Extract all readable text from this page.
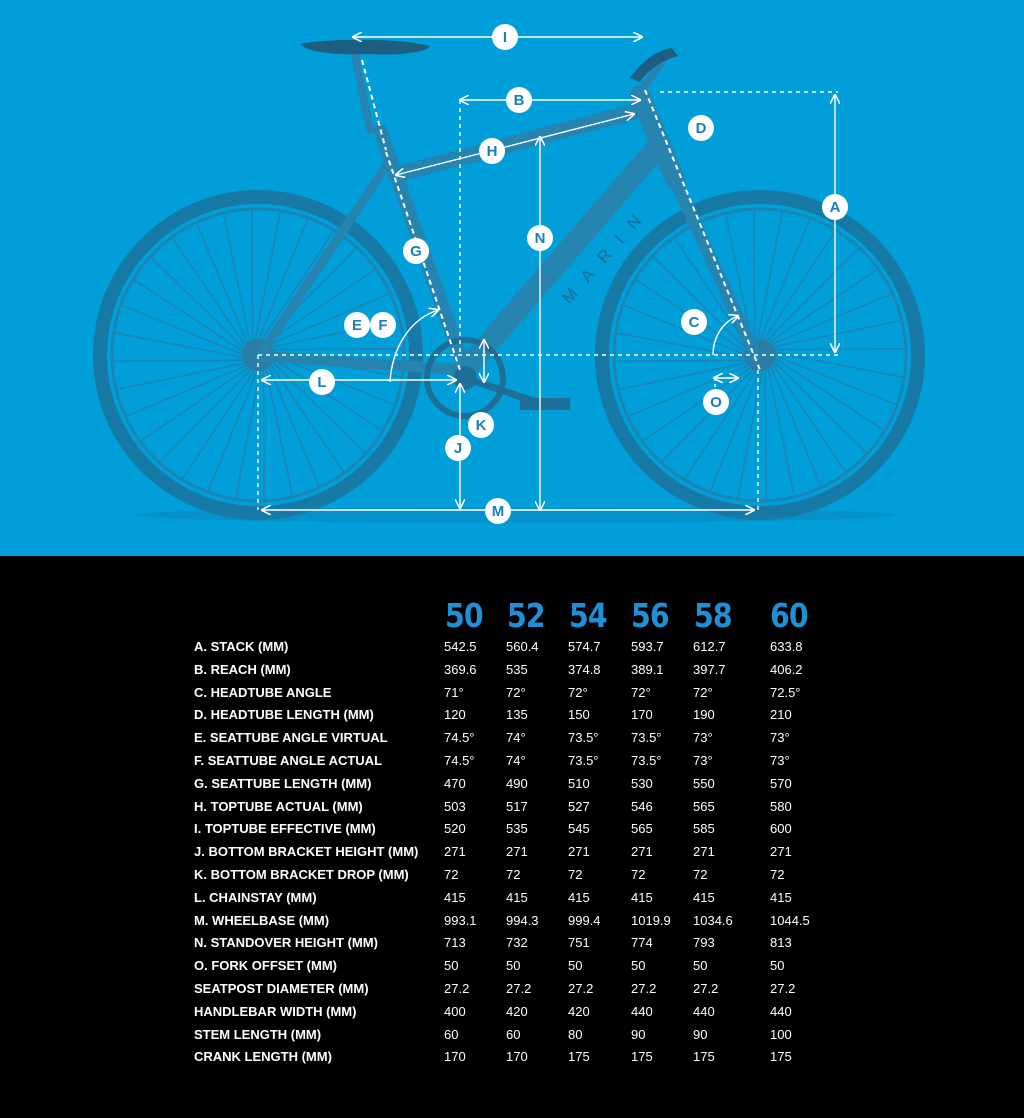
MARIN
I
B
H
D
A
N
G
E F	C
L
K
J
O
M
50 52 54 56 58 60
A. STACK (MM)	542.5 560.4 574.7 593.7 612.7	633.8
B. REACH (MM)	369.6 535	374.8 389.1 397.7	406.2
C. HEADTUBE ANGLE	71°	72°	72°	72°	72°	72.5°
D. HEADTUBE LENGTH (MM)	120	135	150	170	190	210
E. SEATTUBE ANGLE VIRTUAL	74.5° 74°	73.5° 73.5° 73°	73°
F. SEATTUBE ANGLE ACTUAL	74.5° 74°	73.5° 73.5° 73°	73°
G. SEATTUBE LENGTH (MM)	470	490	510	530	550	570
H. TOPTUBE ACTUAL (MM)	503	517	527	546	565	580
I. TOPTUBE EFFECTIVE (MM)	520	535	545	565	585	600
J. BOTTOM BRACKET HEIGHT (MM) 271	271	271	271	271	271
K. BOTTOM BRACKET DROP (MM)	72	72	72	72	72	72
L. CHAINSTAY (MM)	415	415	415	415	415	415
M. WHEELBASE (MM)	993.1 994.3 999.4 1019.9 1034.6	1044.5
N. STANDOVER HEIGHT (MM)	713	732	751	774	793	813
O. FORK OFFSET (MM)	50	50	50	50	50	50
SEATPOST DIAMETER (MM)	27.2	27.2	27.2	27.2	27.2	27.2
HANDLEBAR WIDTH (MM)	400	420	420	440	440	440
STEM LENGTH (MM)	60	60	80	90	90	100
CRANK LENGTH (MM)	170	170	175	175	175	175
